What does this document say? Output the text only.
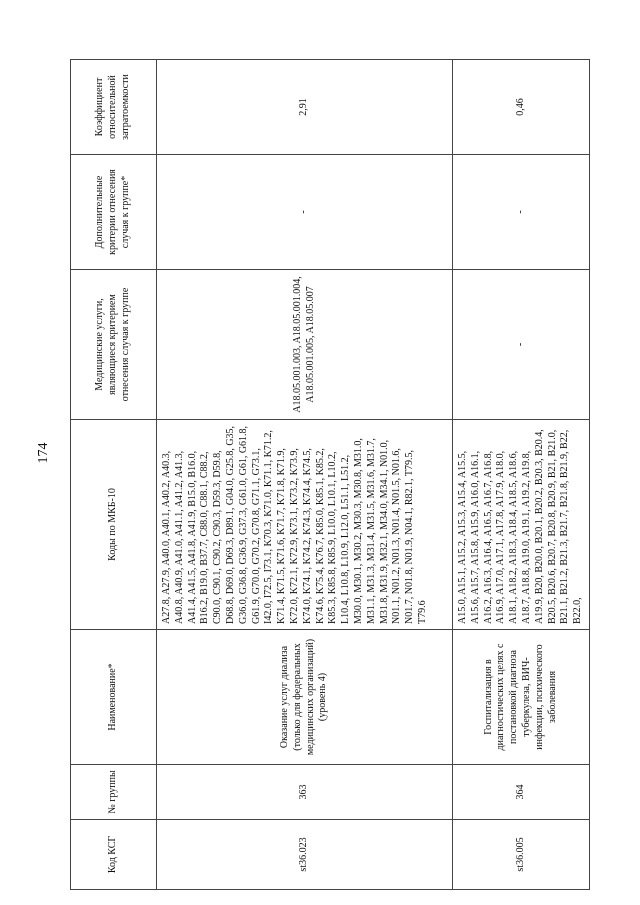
174
Код КСГ	№ группы	Наименование*	Коды по МКБ-10	Медицинские услуги, являющиеся критерием отнесения случая к группе	Дополнительные критерии отнесения случая к группе*	Коэффициент относительной затратоемкости
st36.023	363	Оказание услуг диализа (только для федеральных медицинских организаций) (уровень 4)	A27.8, A27.9, A40.0, A40.1, A40.2, A40.3, A40.8, A40.9, A41.0, A41.1, A41.2, A41.3, A41.4, A41.5, A41.8, A41.9, B15.0, B16.0, B16.2, B19.0, B37.7, C88.0, C88.1, C88.2, C90.0, C90.1, C90.2, C90.3, D59.3, D59.8, D68.8, D69.0, D69.3, D89.1, G04.0, G25.8, G35, G36.0, G36.8, G36.9, G37.3, G61.0, G61, G61.8, G61.9, G70.0, G70.2, G70.8, G71.1, G73.1, I42.0, I72.5, I73.1, K70.3, K71.0, K71.1, K71.2, K71.4, K71.5, K71.6, K71.7, K71.8, K71.9, K72.0, K72.1, K72.9, K73.1, K73.2, K73.9, K74.0, K74.1, K74.2, K74.3, K74.4, K74.5, K74.6, K75.4, K76.7, K85.0, K85.1, K85.2, K85.3, K85.8, K85.9, L10.0, L10.1, L10.2, L10.4, L10.8, L10.9, L12.0, L51.1, L51.2, M30.0, M30.1, M30.2, M30.3, M30.8, M31.0, M31.1, M31.3, M31.4, M31.5, M31.6, M31.7, M31.8, M31.9, M32.1, M34.0, M34.1, N01.0, N01.1, N01.2, N01.3, N01.4, N01.5, N01.6, N01.7, N01.8, N01.9, N04.1, R82.1, T79.5, T79.6	A18.05.001.003, A18.05.001.004, A18.05.001.005, A18.05.007	-	2,91
st36.005	364	Госпитализация в диагностических целях с постановкой диагноза туберкулеза, ВИЧ-инфекции, психического заболевания	A15.0, A15.1, A15.2, A15.3, A15.4, A15.5, A15.6, A15.7, A15.8, A15.9, A16.0, A16.1, A16.2, A16.3, A16.4, A16.5, A16.7, A16.8, A16.9, A17.0, A17.1, A17.8, A17.9, A18.0, A18.1, A18.2, A18.3, A18.4, A18.5, A18.6, A18.7, A18.8, A19.0, A19.1, A19.2, A19.8, A19.9, B20, B20.0, B20.1, B20.2, B20.3, B20.4, B20.5, B20.6, B20.7, B20.8, B20.9, B21, B21.0, B21.1, B21.2, B21.3, B21.7, B21.8, B21.9, B22, B22.0,	-	-	0,46
